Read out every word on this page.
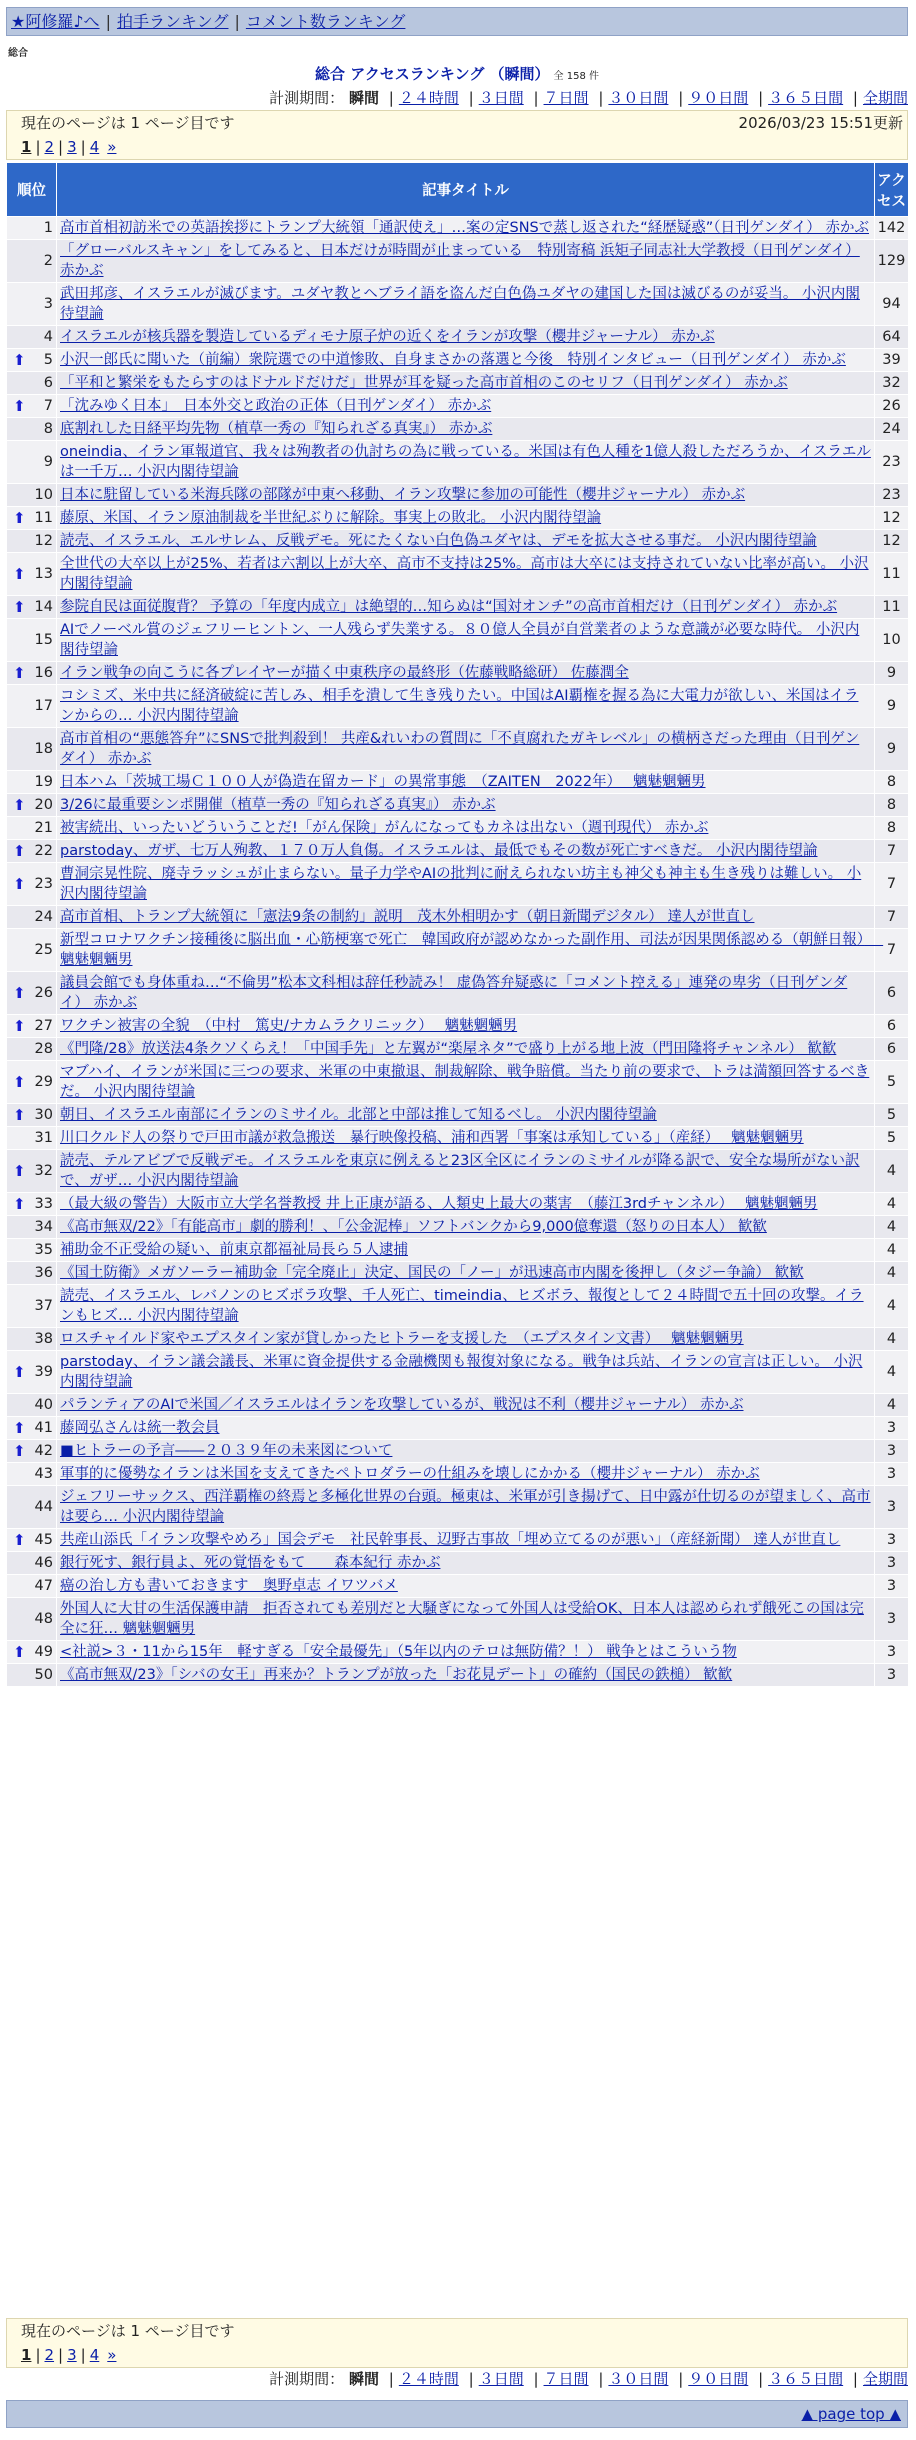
★阿修羅♪へ | 拍手ランキング | コメント数ランキング
総合
総合 アクセスランキング （瞬間） 全 158 件
計測期間： 瞬間 | ２４時間 | ３日間 | ７日間 | ３０日間 | ９０日間 | ３６５日間 | 全期間
現在のページは 1 ページ目です	2026/03/23 15:51更新
1 | 2 | 3 | 4 »
順位	記事タイトル	アクセス
1	高市首相初訪米での英語挨拶にトランプ大統領「通訳使え」…案の定SNSで蒸し返された“経歴疑惑”（日刊ゲンダイ） 赤かぶ	142
2	「グローバルスキャン」をしてみると、日本だけが時間が止まっている　特別寄稿 浜矩子同志社大学教授（日刊ゲンダイ） 赤かぶ	129
3	武田邦彦、イスラエルが滅びます。ユダヤ教とヘブライ語を盗んだ白色偽ユダヤの建国した国は滅びるのが妥当。 小沢内閣待望論	94
4	イスラエルが核兵器を製造しているディモナ原子炉の近くをイランが攻撃（櫻井ジャーナル） 赤かぶ	64

⬆ 5	小沢一郎氏に聞いた（前編）衆院選での中道惨敗、自身まさかの落選と今後　特別インタビュー（日刊ゲンダイ） 赤かぶ	39
6	「平和と繁栄をもたらすのはドナルドだけだ」世界が耳を疑った高市首相のこのセリフ（日刊ゲンダイ） 赤かぶ	32

⬆ 7	「沈みゆく日本」　日本外交と政治の正体（日刊ゲンダイ） 赤かぶ	26
8	底割れした日経平均先物（植草一秀の『知られざる真実』） 赤かぶ	24
9	oneindia、イラン軍報道官、我々は殉教者の仇討ちの為に戦っている。米国は有色人種を1億人殺しただろうか、イスラエルは一千万… 小沢内閣待望論	23
10	日本に駐留している米海兵隊の部隊が中東へ移動、イラン攻撃に参加の可能性（櫻井ジャーナル） 赤かぶ	23

⬆ 11	藤原、米国、イラン原油制裁を半世紀ぶりに解除。事実上の敗北。 小沢内閣待望論	12
12	読売、イスラエル、エルサレム、反戦デモ。死にたくない白色偽ユダヤは、デモを拡大させる事だ。 小沢内閣待望論	12

⬆ 13	全世代の大卒以上が25%、若者は六割以上が大卒、高市不支持は25%。高市は大卒には支持されていない比率が高い。 小沢内閣待望論	11

⬆ 14	参院自民は面従腹背？ 予算の「年度内成立」は絶望的…知らぬは“国対オンチ”の高市首相だけ（日刊ゲンダイ） 赤かぶ	11
15	AIでノーベル賞のジェフリーヒントン、一人残らず失業する。８０億人全員が自営業者のような意識が必要な時代。 小沢内閣待望論	10

⬆ 16	イラン戦争の向こうに各プレイヤーが描く中東秩序の最終形（佐藤戦略総研） 佐藤潤全	9
17	コシミズ、米中共に経済破綻に苦しみ、相手を潰して生き残りたい。中国はAI覇権を握る為に大電力が欲しい、米国はイランからの… 小沢内閣待望論	9
18	高市首相の“悪態答弁”にSNSで批判殺到！ 共産&れいわの質問に「不貞腐れたガキレベル」の横柄さだった理由（日刊ゲンダイ） 赤かぶ	9
19	日本ハム「茨城工場Ｃ１００人が偽造在留カード」の異常事態　（ZAITEN　2022年）　 魑魅魍魎男	8

⬆ 20	3/26に最重要シンポ開催（植草一秀の『知られざる真実』） 赤かぶ	8
21	被害続出、いったいどういうことだ!「がん保険」がんになってもカネは出ない（週刊現代） 赤かぶ	8

⬆ 22	parstoday、ガザ、七万人殉教、１７０万人負傷。イスラエルは、最低でもその数が死亡すべきだ。 小沢内閣待望論	7

⬆ 23	曹洞宗晃性院、廃寺ラッシュが止まらない。量子力学やAIの批判に耐えられない坊主も神父も神主も生き残りは難しい。 小沢内閣待望論	7
24	高市首相、トランプ大統領に「憲法9条の制約」説明　茂木外相明かす（朝日新聞デジタル） 達人が世直し	7
25	新型コロナワクチン接種後に脳出血・心筋梗塞で死亡　韓国政府が認めなかった副作用、司法が因果関係認める（朝鮮日報）　 魑魅魍魎男	7

⬆ 26	議員会館でも身体重ね…“不倫男”松本文科相は辞任秒読み！ 虚偽答弁疑惑に「コメント控える」連発の卑劣（日刊ゲンダイ） 赤かぶ	6

⬆ 27	ワクチン被害の全貌　（中村　篤史/ナカムラクリニック）　 魑魅魍魎男	6
28	《門隆/28》放送法4条クソくらえ！「中国手先」と左翼が“楽屋ネタ”で盛り上がる地上波（門田隆将チャンネル） 歓歓	6

⬆ 29	マブハイ、イランが米国に三つの要求、米軍の中東撤退、制裁解除、戦争賠償。当たり前の要求で、トラは満額回答するべきだ。 小沢内閣待望論	5

⬆ 30	朝日、イスラエル南部にイランのミサイル。北部と中部は推して知るべし。 小沢内閣待望論	5
31	川口クルド人の祭りで戸田市議が救急搬送　暴行映像投稿、浦和西署「事案は承知している」（産経）　 魑魅魍魎男	5

⬆ 32	読売、テルアビブで反戦デモ。イスラエルを東京に例えると23区全区にイランのミサイルが降る訳で、安全な場所がない訳で、ガザ… 小沢内閣待望論	4

⬆ 33	（最大級の警告）大阪市立大学名誉教授 井上正康が語る、人類史上最大の薬害　（藤江3rdチャンネル）　 魑魅魍魎男	4
34	《高市無双/22》「有能高市」劇的勝利！、「公金泥棒」ソフトバンクから9,000億奪還（怒りの日本人） 歓歓	4
35	補助金不正受給の疑い、前東京都福祉局長ら５人逮捕	4
36	《国土防衛》メガソーラー補助金「完全廃止」決定、国民の「ノー」が迅速高市内閣を後押し（タジー争論） 歓歓	4
37	読売、イスラエル、レバノンのヒズボラ攻撃、千人死亡、timeindia、ヒズボラ、報復として２４時間で五十回の攻撃。イランもヒズ… 小沢内閣待望論	4
38	ロスチャイルド家やエプスタイン家が貸しかったヒトラーを支援した　（エプスタイン文書）　 魑魅魍魎男	4

⬆ 39	parstoday、イラン議会議長、米軍に資金提供する金融機関も報復対象になる。戦争は兵站、イランの宣言は正しい。 小沢内閣待望論	4
40	パランティアのAIで米国／イスラエルはイランを攻撃しているが、戦況は不利（櫻井ジャーナル） 赤かぶ	4

⬆ 41	藤岡弘さんは統一教会員	3

⬆ 42	■ヒトラーの予言――２０３９年の未来図について	3
43	軍事的に優勢なイランは米国を支えてきたペトロダラーの仕組みを壊しにかかる（櫻井ジャーナル） 赤かぶ	3
44	ジェフリーサックス、西洋覇権の終焉と多極化世界の台頭。極東は、米軍が引き揚げて、日中露が仕切るのが望ましく、高市は要ら… 小沢内閣待望論	3

⬆ 45	共産山添氏「イラン攻撃やめろ」国会デモ　社民幹事長、辺野古事故「埋め立てるのが悪い」（産経新聞） 達人が世直し	3
46	銀行死す、銀行員よ、死の覚悟をもて　　森本紀行 赤かぶ	3
47	癌の治し方も書いておきます　奥野卓志 イワツバメ	3
48	外国人に大甘の生活保護申請　拒否されても差別だと大騒ぎになって外国人は受給OK、日本人は認められず餓死この国は完全に狂… 魑魅魍魎男	3

⬆ 49	<社説>３・11から15年　軽すぎる「安全最優先」（5年以内のテロは無防備？！） 戦争とはこういう物	3
50	《高市無双/23》「シバの女王」再来か？トランプが放った「お花見デート」の確約（国民の鉄槌） 歓歓	3
計測期間： 瞬間 | ２４時間 | ３日間 | ７日間 | ３０日間 | ９０日間 | ３６５日間 | 全期間
▲ page top ▲
現在のページは 1 ページ目です
1 | 2 | 3 | 4 »
